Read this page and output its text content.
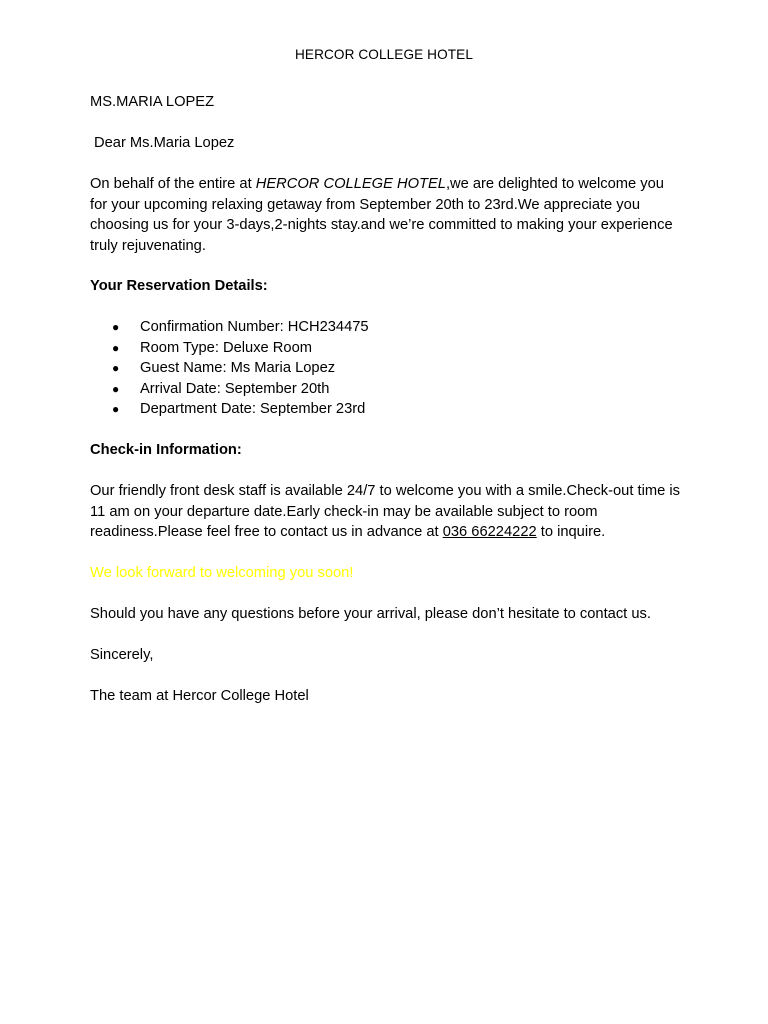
HERCOR COLLEGE HOTEL
MS.MARIA LOPEZ
Dear Ms.Maria Lopez
On behalf of the entire at HERCOR COLLEGE HOTEL,we are delighted to welcome you for your upcoming relaxing getaway from September 20th to 23rd.We appreciate you choosing us for your 3-days,2-nights stay.and we’re committed to making your experience truly rejuvenating.
Your Reservation Details:
● Confirmation Number: HCH234475
● Room Type: Deluxe Room
● Guest Name: Ms Maria Lopez
● Arrival Date: September 20th
● Department Date: September 23rd
Check-in Information:
Our friendly front desk staff is available 24/7 to welcome you with a smile.Check-out time is 11 am on your departure date.Early check-in may be available subject to room readiness.Please feel free to contact us in advance at 036 66224222 to inquire.
We look forward to welcoming you soon!
Should you have any questions before your arrival, please don’t hesitate to contact us.
Sincerely,
The team at Hercor College Hotel
